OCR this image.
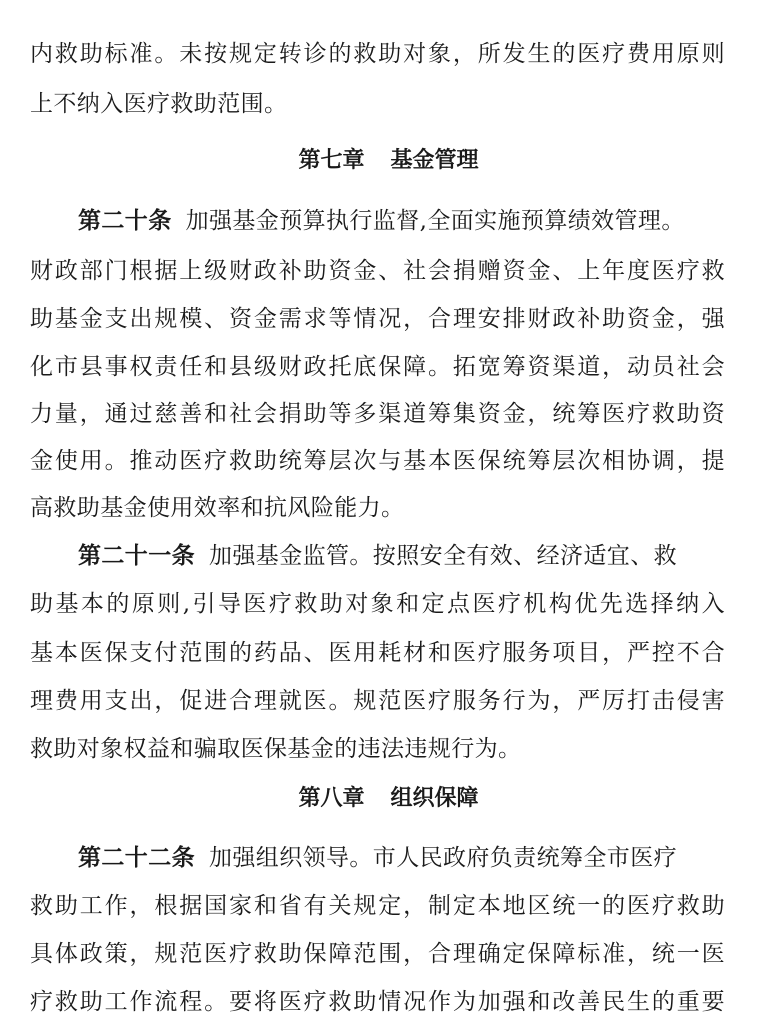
内救助标准。未按规定转诊的救助对象，所发生的医疗费用原则
上不纳入医疗救助范围。
第七章 基金管理
第二十条 加强基金预算执行监督,全面实施预算绩效管理。
财政部门根据上级财政补助资金、社会捐赠资金、上年度医疗救
助基金支出规模、资金需求等情况，合理安排财政补助资金，强
化市县事权责任和县级财政托底保障。拓宽筹资渠道，动员社会
力量，通过慈善和社会捐助等多渠道筹集资金，统筹医疗救助资
金使用。推动医疗救助统筹层次与基本医保统筹层次相协调，提
高救助基金使用效率和抗风险能力。
第二十一条 加强基金监管。按照安全有效、经济适宜、救
助基本的原则,引导医疗救助对象和定点医疗机构优先选择纳入
基本医保支付范围的药品、医用耗材和医疗服务项目，严控不合
理费用支出，促进合理就医。规范医疗服务行为，严厉打击侵害
救助对象权益和骗取医保基金的违法违规行为。
第八章 组织保障
第二十二条 加强组织领导。市人民政府负责统筹全市医疗
救助工作，根据国家和省有关规定，制定本地区统一的医疗救助
具体政策，规范医疗救助保障范围，合理确定保障标准，统一医
疗救助工作流程。要将医疗救助情况作为加强和改善民生的重要
